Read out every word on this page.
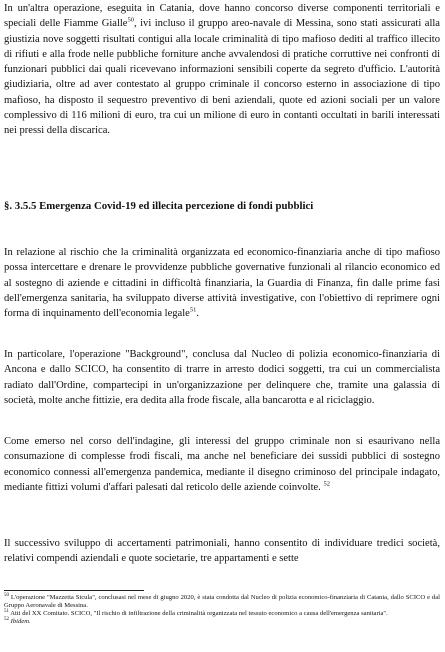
In un'altra operazione, eseguita in Catania, dove hanno concorso diverse componenti territoriali e speciali delle Fiamme Gialle$^{50}$, ivi incluso il gruppo areo-navale di Messina, sono stati assicurati alla giustizia nove soggetti risultati contigui alla locale criminalità di tipo mafioso dediti al traffico illecito di rifiuti e alla frode nelle pubbliche forniture anche avvalendosi di pratiche corruttive nei confronti di funzionari pubblici dai quali ricevevano informazioni sensibili coperte da segreto d'ufficio. L'autorità giudiziaria, oltre ad aver contestato al gruppo criminale il concorso esterno in associazione di tipo mafioso, ha disposto il sequestro preventivo di beni aziendali, quote ed azioni sociali per un valore complessivo di 116 milioni di euro, tra cui un milione di euro in contanti occultati in barili interessati nei pressi della discarica.

§. 3.5.5 Emergenza Covid-19 ed illecita percezione di fondi pubblici

In relazione al rischio che la criminalità organizzata ed economico-finanziaria anche di tipo mafioso possa intercettare e drenare le provvidenze pubbliche governative funzionali al rilancio economico ed al sostegno di aziende e cittadini in difficoltà finanziaria, la Guardia di Finanza, fin dalle prime fasi dell'emergenza sanitaria, ha sviluppato diverse attività investigative, con l'obiettivo di reprimere ogni forma di inquinamento dell'economia legale$^{51}$.

In particolare, l'operazione "Background", conclusa dal Nucleo di polizia economico-finanziaria di Ancona e dallo SCICO, ha consentito di trarre in arresto dodici soggetti, tra cui un commercialista radiato dall'Ordine, compartecipi in un'organizzazione per delinquere che, tramite una galassia di società, molte anche fittizie, era dedita alla frode fiscale, alla bancarotta e al riciclaggio.

Come emerso nel corso dell'indagine, gli interessi del gruppo criminale non si esaurivano nella consumazione di complesse frodi fiscali, ma anche nel beneficiare dei sussidi pubblici di sostegno economico connessi all'emergenza pandemica, mediante il disegno criminoso del principale indagato, mediante fittizi volumi d'affari palesati dal reticolo delle aziende coinvolte. $^{52}$

Il successivo sviluppo di accertamenti patrimoniali, hanno consentito di individuare tredici società, relativi compendi aziendali e quote societarie, tre appartamenti e sette

$^{50}$ L'operazione "Mazzetta Sicula", conclusasi nel mese di giugno 2020, è stata condotta dal Nucleo di polizia economico-finanziaria di Catania, dallo SCICO e dal Gruppo Aeronavale di Messina.

$^{51}$ Atti del XX Comitato. SCICO, "Il rischio di infiltrazione della criminalità organizzata nel tessuto economico a causa dell'emergenza sanitaria".

$^{52}$ Ibidem.
